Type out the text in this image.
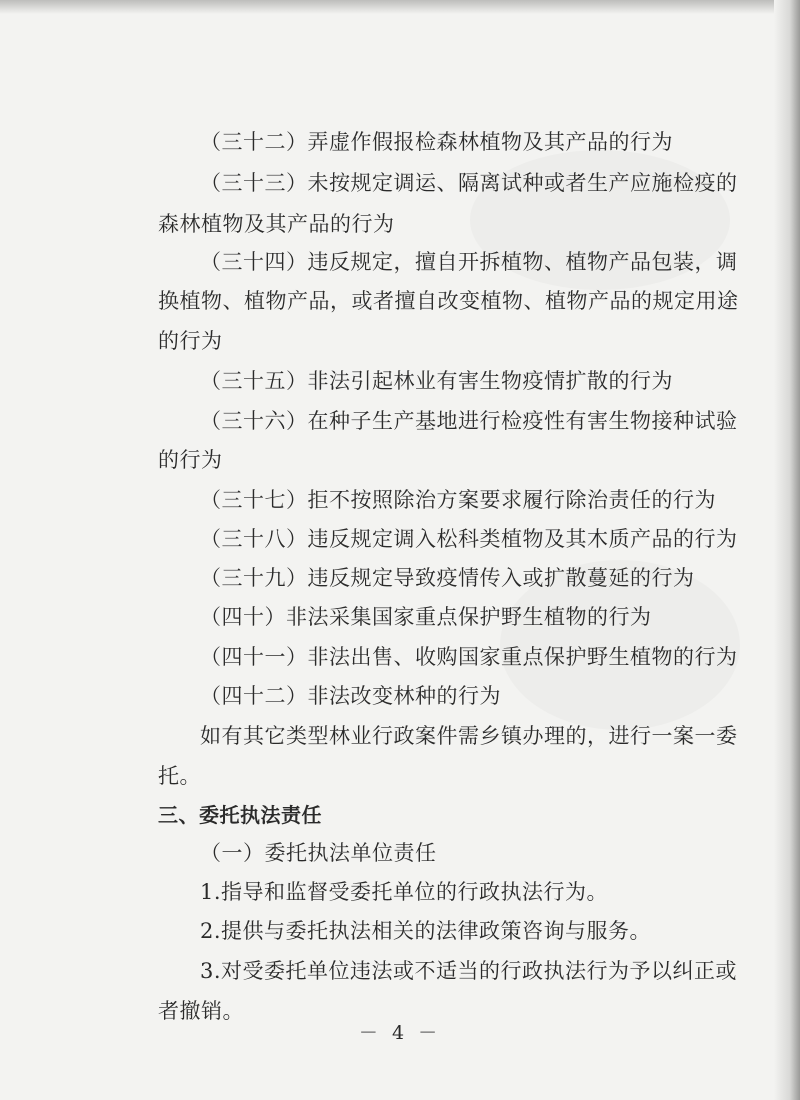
（三十二）弄虚作假报检森林植物及其产品的行为
（三十三）未按规定调运、隔离试种或者生产应施检疫的
森林植物及其产品的行为
（三十四）违反规定，擅自开拆植物、植物产品包装，调
换植物、植物产品，或者擅自改变植物、植物产品的规定用途
的行为
（三十五）非法引起林业有害生物疫情扩散的行为
（三十六）在种子生产基地进行检疫性有害生物接种试验
的行为
（三十七）拒不按照除治方案要求履行除治责任的行为
（三十八）违反规定调入松科类植物及其木质产品的行为
（三十九）违反规定导致疫情传入或扩散蔓延的行为
（四十）非法采集国家重点保护野生植物的行为
（四十一）非法出售、收购国家重点保护野生植物的行为
（四十二）非法改变林种的行为
如有其它类型林业行政案件需乡镇办理的，进行一案一委
托。
三、委托执法责任
（一）委托执法单位责任
1.指导和监督受委托单位的行政执法行为。
2.提供与委托执法相关的法律政策咨询与服务。
3.对受委托单位违法或不适当的行政执法行为予以纠正或
者撤销。
－ 4 －
